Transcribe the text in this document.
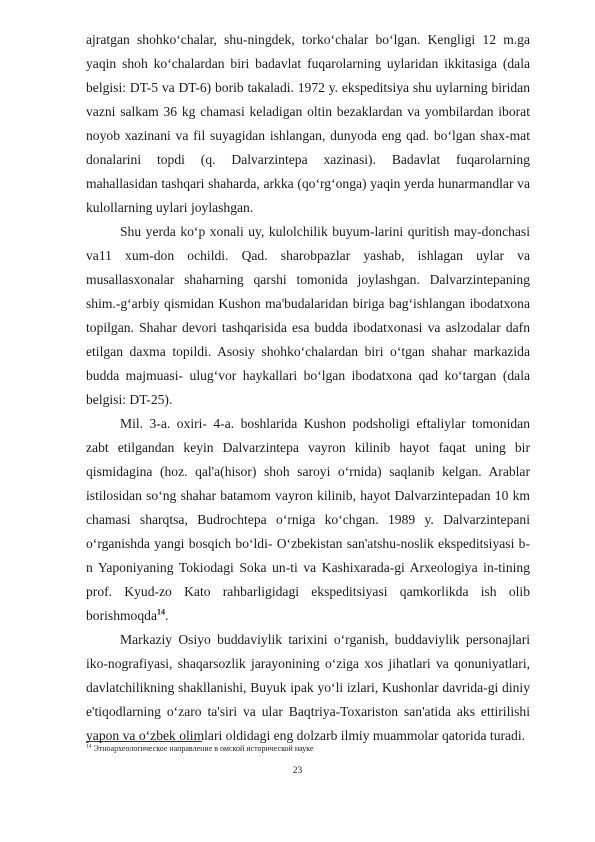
ajratgan shohko‘chalar, shu-ningdek, torko‘chalar bo‘lgan. Kengligi 12 m.ga yaqin shoh ko‘chalardan biri badavlat fuqarolarning uylaridan ikkitasiga (dala belgisi: DT-5 va DT-6) borib takaladi. 1972 y. ekspeditsiya shu uylarning biridan vazni salkam 36 kg chamasi keladigan oltin bezaklardan va yombilardan iborat noyob xazinani va fil suyagidan ishlangan, dunyoda eng qad. bo‘lgan shax-mat donalarini topdi (q. Dalvarzintepa xazinasi). Badavlat fuqarolarning mahallasidan tashqari shaharda, arkka (qo‘rg‘onga) yaqin yerda hunarmandlar va kulollarning uylari joylashgan.

Shu yerda ko‘p xonali uy, kulolchilik buyum-larini quritish may-donchasi va11 xum-don ochildi. Qad. sharobpazlar yashab, ishlagan uylar va musallasxonalar shaharning qarshi tomonida joylashgan. Dalvarzintepaning shim.-g‘arbiy qismidan Kushon ma'budalaridan biriga bag‘ishlangan ibodatxona topilgan. Shahar devori tashqarisida esa budda ibodatxonasi va aslzodalar dafn etilgan daxma topildi. Asosiy shohko‘chalardan biri o‘tgan shahar markazida budda majmuasi- ulug‘vor haykallari bo‘lgan ibodatxona qad ko‘targan (dala belgisi: DT-25).

Mil. 3-a. oxiri- 4-a. boshlarida Kushon podsholigi eftaliylar tomonidan zabt etilgandan keyin Dalvarzintepa vayron kilinib hayot faqat uning bir qismidagina (hoz. qal'a(hisor) shoh saroyi o‘rnida) saqlanib kelgan. Arablar istilosidan so‘ng shahar batamom vayron kilinib, hayot Dalvarzintepadan 10 km chamasi sharqtsa, Budrochtepa o‘rniga ko‘chgan. 1989 y. Dalvarzintepani o‘rganishda yangi bosqich bo‘ldi- O‘zbekistan san'atshu-noslik ekspeditsiyasi b-n Yaponiyaning Tokiodagi Soka un-ti va Kashixarada-gi Arxeologiya in-tining prof. Kyud-zo Kato rahbarligidagi ekspeditsiyasi qamkorlikda ish olib borishmoqda$^{14}$.

Markaziy Osiyo buddaviylik tarixini o‘rganish, buddaviylik personajlari iko-nografiyasi, shaqarsozlik jarayonining o‘ziga xos jihatlari va qonuniyatlari, davlatchilikning shakllanishi, Buyuk ipak yo‘li izlari, Kushonlar davrida-gi diniy e'tiqodlarning o‘zaro ta'siri va ular Baqtriya-Toxariston san'atida aks ettirilishi yapon va o‘zbek olimlari oldidagi eng dolzarb ilmiy muammolar qatorida turadi.

$^{14}$ Этноархеологическое направление в омской исторической науке
23
